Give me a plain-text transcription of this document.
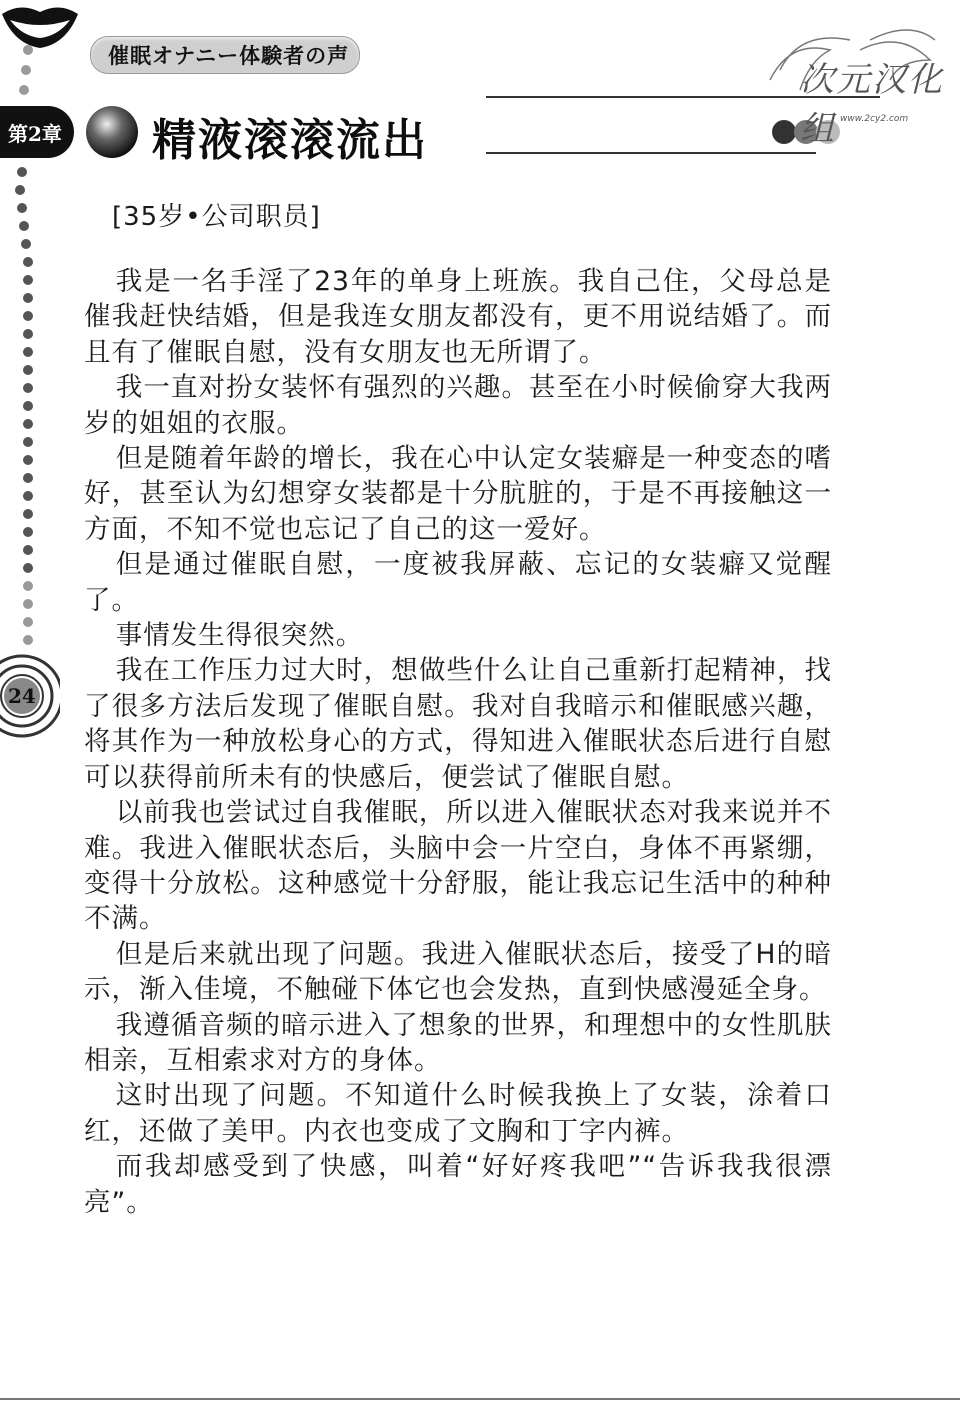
催眠オナニー体験者の声
第2章 精液滚滚流出
次元汉化组 www.2cy2.com
24
[35岁•公司职员]

我是一名手淫了23年的单身上班族。我自己住，父母总是催我赶快结婚，但是我连女朋友都没有，更不用说结婚了。而且有了催眠自慰，没有女朋友也无所谓了。

我一直对扮女装怀有强烈的兴趣。甚至在小时候偷穿大我两岁的姐姐的衣服。

但是随着年龄的增长，我在心中认定女装癖是一种变态的嗜好，甚至认为幻想穿女装都是十分肮脏的，于是不再接触这一方面，不知不觉也忘记了自己的这一爱好。

但是通过催眠自慰，一度被我屏蔽、忘记的女装癖又觉醒了。

事情发生得很突然。

我在工作压力过大时，想做些什么让自己重新打起精神，找了很多方法后发现了催眠自慰。我对自我暗示和催眠感兴趣，将其作为一种放松身心的方式，得知进入催眠状态后进行自慰可以获得前所未有的快感后，便尝试了催眠自慰。

以前我也尝试过自我催眠，所以进入催眠状态对我来说并不难。我进入催眠状态后，头脑中会一片空白，身体不再紧绷，变得十分放松。这种感觉十分舒服，能让我忘记生活中的种种不满。

但是后来就出现了问题。我进入催眠状态后，接受了H的暗示，渐入佳境，不触碰下体它也会发热，直到快感漫延全身。

我遵循音频的暗示进入了想象的世界，和理想中的女性肌肤相亲，互相索求对方的身体。

这时出现了问题。不知道什么时候我换上了女装，涂着口红，还做了美甲。内衣也变成了文胸和丁字内裤。

而我却感受到了快感，叫着“好好疼我吧”“告诉我我很漂亮”。
